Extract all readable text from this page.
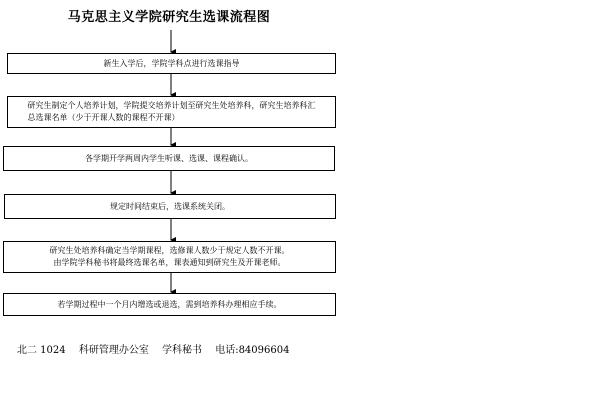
马克思主义学院研究生选课流程图
新生入学后，学院学科点进行选课指导
研究生制定个人培养计划，学院提交培养计划至研究生处培养科，研究生培养科汇
总选课名单（少于开课人数的课程不开课）
各学期开学两周内学生听课、选课、课程确认。
规定时间结束后，选课系统关闭。
研究生处培养科确定当学期课程，选修课人数少于规定人数不开课。
由学院学科秘书将最终选课名单，课表通知到研究生及开课老师。
若学期过程中一个月内增选或退选，需到培养科办理相应手续。
北二 1024 科研管理办公室 学科秘书 电话:84096604
